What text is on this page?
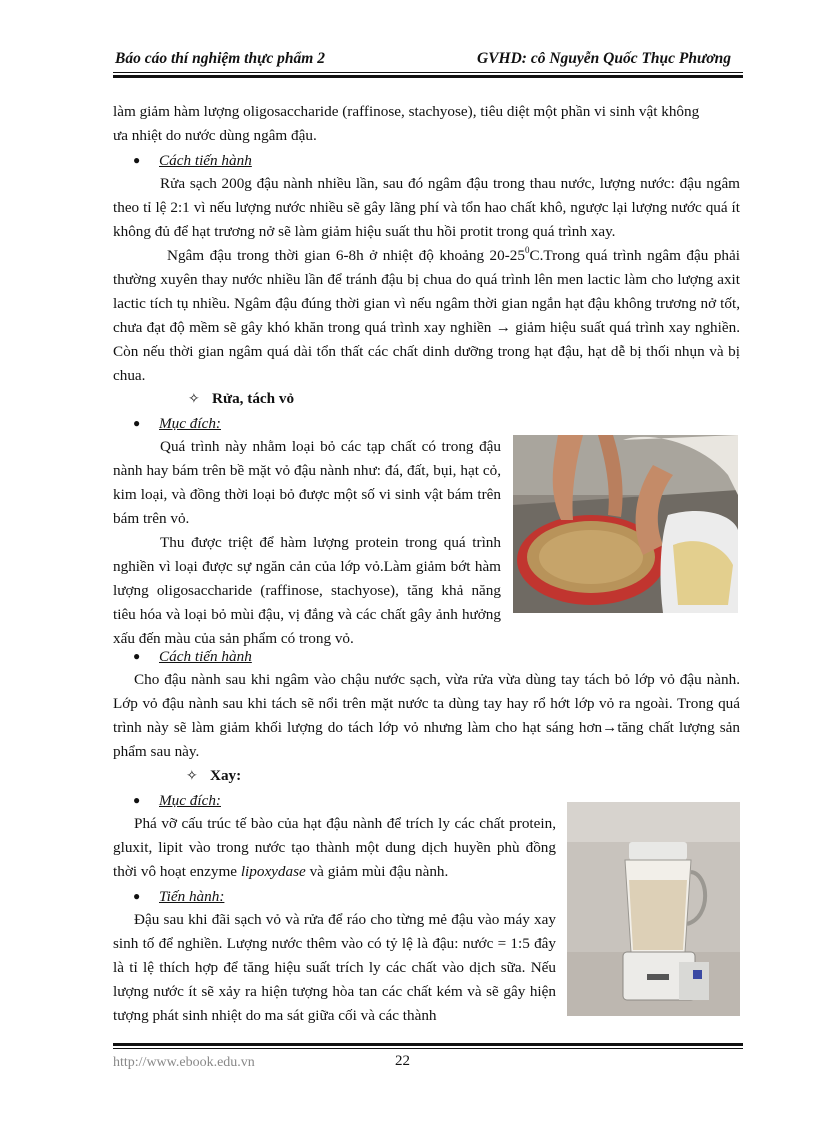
Báo cáo thí nghiệm thực phẩm 2	GVHD: cô Nguyễn Quốc Thục Phương
làm giảm hàm lượng oligosaccharide (raffinose, stachyose), tiêu diệt một phần vi sinh vật không
ưa nhiệt do nước dùng ngâm đậu.
● Cách tiến hành
Rửa sạch 200g đậu nành nhiều lần, sau đó ngâm đậu trong thau nước, lượng nước: đậu ngâm theo tỉ lệ 2:1 vì nếu lượng nước nhiều sẽ gây lãng phí và tổn hao chất khô, ngược lại lượng nước quá ít không đủ để hạt trương nở sẽ làm giảm hiệu suất thu hồi protit trong quá trình xay.
Ngâm đậu trong thời gian 6-8h ở nhiệt độ khoảng $20-25^0C.Trong$ quá trình ngâm đậu phải thường xuyên thay nước nhiều lần để tránh đậu bị chua do quá trình lên men lactic làm cho lượng axit lactic tích tụ nhiều. Ngâm đậu đúng thời gian vì nếu ngâm thời gian ngắn hạt đậu không trương nở tốt, chưa đạt độ mềm sẽ gây khó khăn trong quá trình xay nghiền → giảm hiệu suất quá trình xay nghiền. Còn nếu thời gian ngâm quá dài tổn thất các chất dinh dưỡng trong hạt đậu, hạt dễ bị thối nhụn và bị chua.
✧ Rửa, tách vỏ
● Mục đích:
Quá trình này nhằm loại bỏ các tạp chất có trong đậu nành hay bám trên bề mặt vỏ đậu nành như: đá, đất, bụi, hạt cỏ, kim loại, và đồng thời loại bỏ được một số vi sinh vật bám trên bám trên vỏ.
Thu được triệt để hàm lượng protein trong quá trình nghiền vì loại được sự ngăn cản của lớp vỏ.Làm giảm bớt hàm lượng oligosaccharide (raffinose, stachyose), tăng khả năng tiêu hóa và loại bỏ mùi đậu, vị đắng và các chất gây ảnh hưởng xấu đến màu của sản phẩm có trong vỏ.
● Cách tiến hành
Cho đậu nành sau khi ngâm vào chậu nước sạch, vừa rửa vừa dùng tay tách bỏ lớp vỏ đậu nành. Lớp vỏ đậu nành sau khi tách sẽ nổi trên mặt nước ta dùng tay hay rổ hớt lớp vỏ ra ngoài. Trong quá trình này sẽ làm giảm khối lượng do tách lớp vỏ nhưng làm cho hạt sáng hơn→tăng chất lượng sản phẩm sau này.
✧ Xay:
● Mục đích:
Phá vỡ cấu trúc tế bào của hạt đậu nành để trích ly các chất protein, gluxit, lipit vào trong nước tạo thành một dung dịch huyền phù đồng thời vô hoạt enzyme lipoxydase và giảm mùi đậu nành.
● Tiến hành:
Đậu sau khi đãi sạch vỏ và rửa để ráo cho từng mẻ đậu vào máy xay sinh tố để nghiền. Lượng nước thêm vào có tỷ lệ là đậu: nước = 1:5 đây là tỉ lệ thích hợp để tăng hiệu suất trích ly các chất vào dịch sữa. Nếu lượng nước ít sẽ xảy ra hiện tượng hòa tan các chất kém và sẽ gây hiện tượng phát sinh nhiệt do ma sát giữa cối và các thành
http://www.ebook.edu.vn	22
